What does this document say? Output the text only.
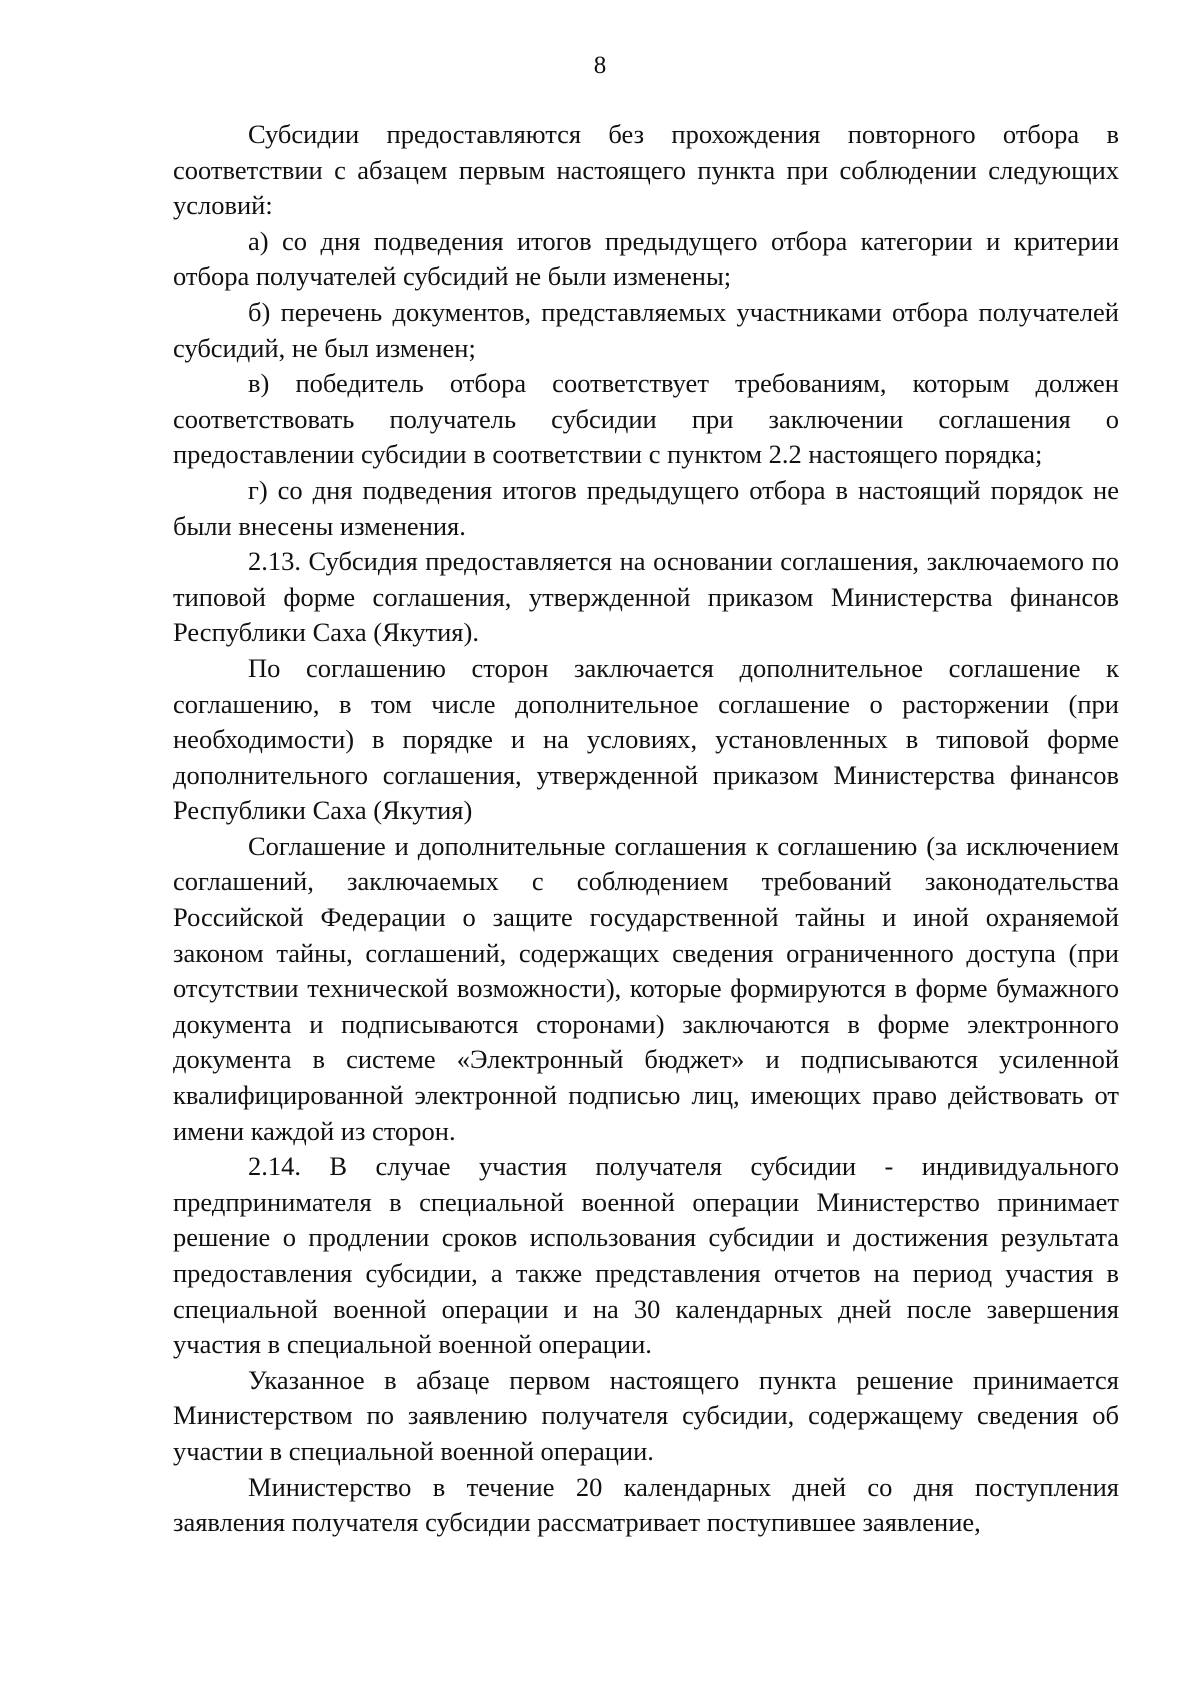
8

Субсидии предоставляются без прохождения повторного отбора в соответствии с абзацем первым настоящего пункта при соблюдении следующих условий:

а) со дня подведения итогов предыдущего отбора категории и критерии отбора получателей субсидий не были изменены;

б) перечень документов, представляемых участниками отбора получателей субсидий, не был изменен;

в) победитель отбора соответствует требованиям, которым должен соответствовать получатель субсидии при заключении соглашения о предоставлении субсидии в соответствии с пунктом 2.2 настоящего порядка;

г) со дня подведения итогов предыдущего отбора в настоящий порядок не были внесены изменения.

2.13. Субсидия предоставляется на основании соглашения, заключаемого по типовой форме соглашения, утвержденной приказом Министерства финансов Республики Саха (Якутия).

По соглашению сторон заключается дополнительное соглашение к соглашению, в том числе дополнительное соглашение о расторжении (при необходимости) в порядке и на условиях, установленных в типовой форме дополнительного соглашения, утвержденной приказом Министерства финансов Республики Саха (Якутия)

Соглашение и дополнительные соглашения к соглашению (за исключением соглашений, заключаемых с соблюдением требований законодательства Российской Федерации о защите государственной тайны и иной охраняемой законом тайны, соглашений, содержащих сведения ограниченного доступа (при отсутствии технической возможности), которые формируются в форме бумажного документа и подписываются сторонами) заключаются в форме электронного документа в системе «Электронный бюджет» и подписываются усиленной квалифицированной электронной подписью лиц, имеющих право действовать от имени каждой из сторон.

2.14. В случае участия получателя субсидии - индивидуального предпринимателя в специальной военной операции Министерство принимает решение о продлении сроков использования субсидии и достижения результата предоставления субсидии, а также представления отчетов на период участия в специальной военной операции и на 30 календарных дней после завершения участия в специальной военной операции.

Указанное в абзаце первом настоящего пункта решение принимается Министерством по заявлению получателя субсидии, содержащему сведения об участии в специальной военной операции.

Министерство в течение 20 календарных дней со дня поступления заявления получателя субсидии рассматривает поступившее заявление,
